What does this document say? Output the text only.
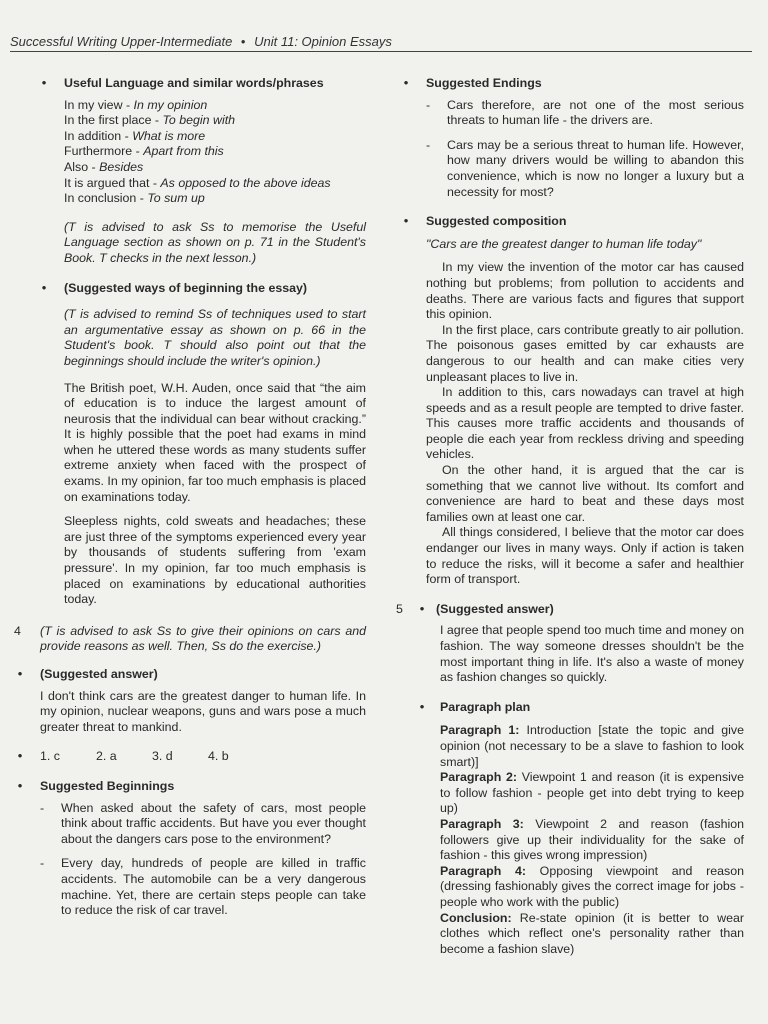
Successful Writing Upper-Intermediate • Unit 11: Opinion Essays
•	Useful Language and similar words/phrases

In my view - In my opinion

In the first place - To begin with

In addition - What is more

Furthermore - Apart from this

Also - Besides

It is argued that - As opposed to the above ideas

In conclusion - To sum up

(T is advised to ask Ss to memorise the Useful Language section as shown on p. 71 in the Student's Book. T checks in the next lesson.)

•	(Suggested ways of beginning the essay)

(T is advised to remind Ss of techniques used to start an argumentative essay as shown on p. 66 in the Student's book. T should also point out that the beginnings should include the writer's opinion.)

The British poet, W.H. Auden, once said that “the aim of education is to induce the largest amount of neurosis that the individual can bear without cracking.” It is highly possible that the poet had exams in mind when he uttered these words as many students suffer extreme anxiety when faced with the prospect of exams. In my opinion, far too much emphasis is placed on examinations today.

Sleepless nights, cold sweats and headaches; these are just three of the symptoms experienced every year by thousands of students suffering from 'exam pressure'. In my opinion, far too much emphasis is placed on examinations by educational authorities today.

4 (T is advised to ask Ss to give their opinions on cars and provide reasons as well. Then, Ss do the exercise.)

•	(Suggested answer)

I don't think cars are the greatest danger to human life. In my opinion, nuclear weapons, guns and wars pose a much greater threat to mankind.

•	1. c	2. a	3. d	4. b
•	Suggested Beginnings

- When asked about the safety of cars, most people think about traffic accidents. But have you ever thought about the dangers cars pose to the environment?
- Every day, hundreds of people are killed in traffic accidents. The automobile can be a very dangerous machine. Yet, there are certain steps people can take to reduce the risk of car travel.
•	Suggested Endings

- Cars therefore, are not one of the most serious threats to human life - the drivers are.
- Cars may be a serious threat to human life. However, how many drivers would be willing to abandon this convenience, which is now no longer a luxury but a necessity for most?
•	Suggested composition

"Cars are the greatest danger to human life today"

In my view the invention of the motor car has caused nothing but problems; from pollution to accidents and deaths. There are various facts and figures that support this opinion.

In the first place, cars contribute greatly to air pollution. The poisonous gases emitted by car exhausts are dangerous to our health and can make cities very unpleasant places to live in.

In addition to this, cars nowadays can travel at high speeds and as a result people are tempted to drive faster. This causes more traffic accidents and thousands of people die each year from reckless driving and speeding vehicles.

On the other hand, it is argued that the car is something that we cannot live without. Its comfort and convenience are hard to beat and these days most families own at least one car.

All things considered, I believe that the motor car does endanger our lives in many ways. Only if action is taken to reduce the risks, will it become a safer and healthier form of transport.

5	• (Suggested answer)

I agree that people spend too much time and money on fashion. The way someone dresses shouldn't be the most important thing in life. It's also a waste of money as fashion changes so quickly.

•	Paragraph plan

Paragraph 1: Introduction [state the topic and give opinion (not necessary to be a slave to fashion to look smart)]

Paragraph 2: Viewpoint 1 and reason (it is expensive to follow fashion - people get into debt trying to keep up)

Paragraph 3: Viewpoint 2 and reason (fashion followers give up their individuality for the sake of fashion - this gives wrong impression)

Paragraph 4: Opposing viewpoint and reason (dressing fashionably gives the correct image for jobs - people who work with the public)

Conclusion: Re-state opinion (it is better to wear clothes which reflect one's personality rather than become a fashion slave)
